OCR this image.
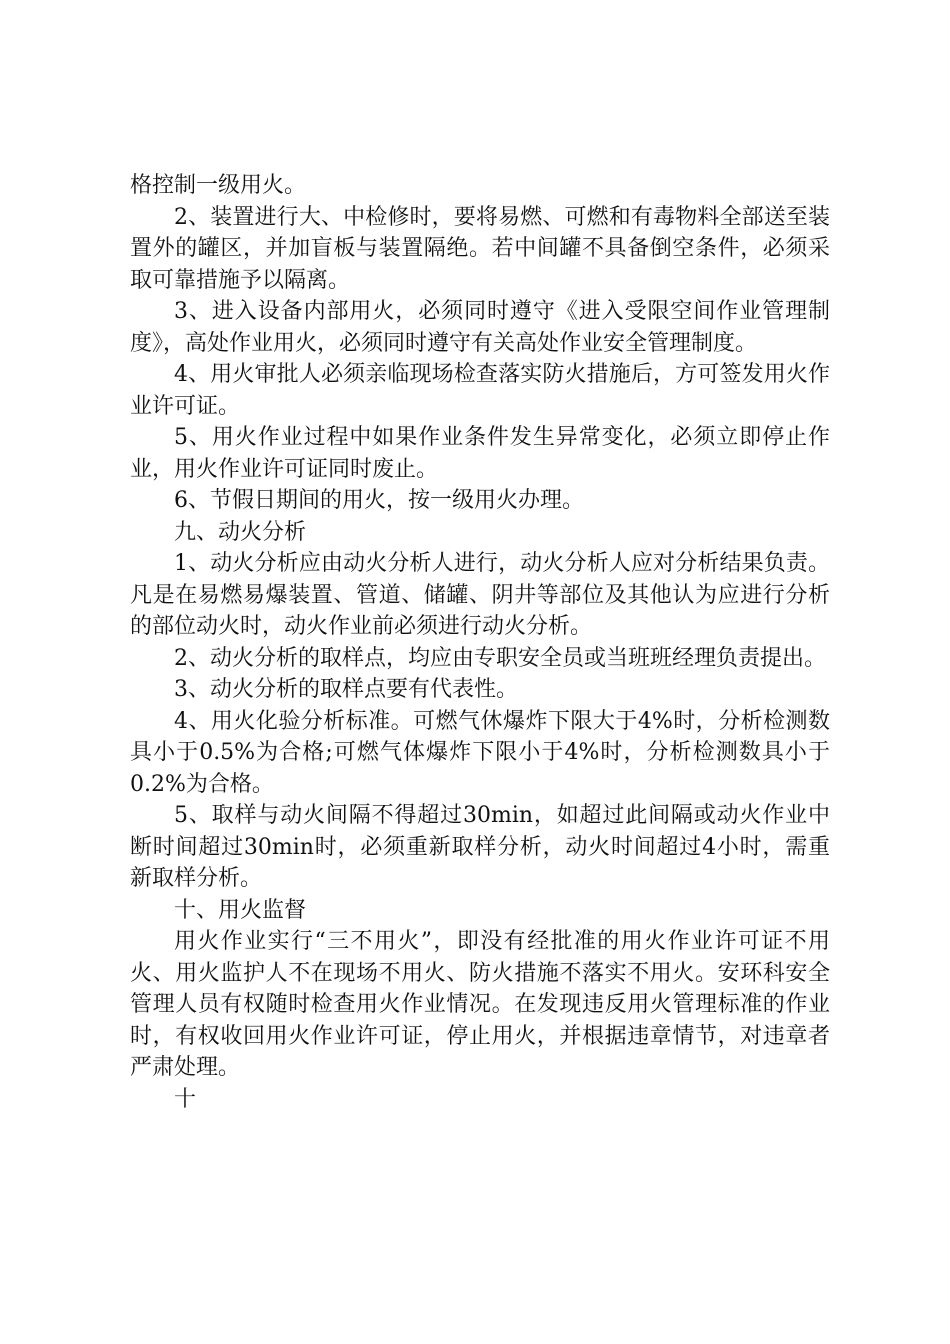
格控制一级用火。

2、装置进行大、中检修时，要将易燃、可燃和有毒物料全部送至装置外的罐区，并加盲板与装置隔绝。若中间罐不具备倒空条件，必须采取可靠措施予以隔离。

3、进入设备内部用火，必须同时遵守《进入受限空间作业管理制度》，高处作业用火，必须同时遵守有关高处作业安全管理制度。

4、用火审批人必须亲临现场检查落实防火措施后，方可签发用火作业许可证。

5、用火作业过程中如果作业条件发生异常变化，必须立即停止作业，用火作业许可证同时废止。

6、节假日期间的用火，按一级用火办理。

九、动火分析

1、动火分析应由动火分析人进行，动火分析人应对分析结果负责。凡是在易燃易爆装置、管道、储罐、阴井等部位及其他认为应进行分析的部位动火时，动火作业前必须进行动火分析。

2、动火分析的取样点，均应由专职安全员或当班班经理负责提出。

3、动火分析的取样点要有代表性。

4、用火化验分析标准。可燃气休爆炸下限大于4%时，分析检测数具小于0.5%为合格;可燃气体爆炸下限小于4%时，分析检测数具小于0.2%为合格。

5、取样与动火间隔不得超过30min，如超过此间隔或动火作业中断时间超过30min时，必须重新取样分析，动火时间超过4小时，需重新取样分析。

十、用火监督

用火作业实行“三不用火”，即没有经批准的用火作业许可证不用火、用火监护人不在现场不用火、防火措施不落实不用火。安环科安全管理人员有权随时检查用火作业情况。在发现违反用火管理标准的作业时，有权收回用火作业许可证，停止用火，并根据违章情节，对违章者严肃处理。

十
